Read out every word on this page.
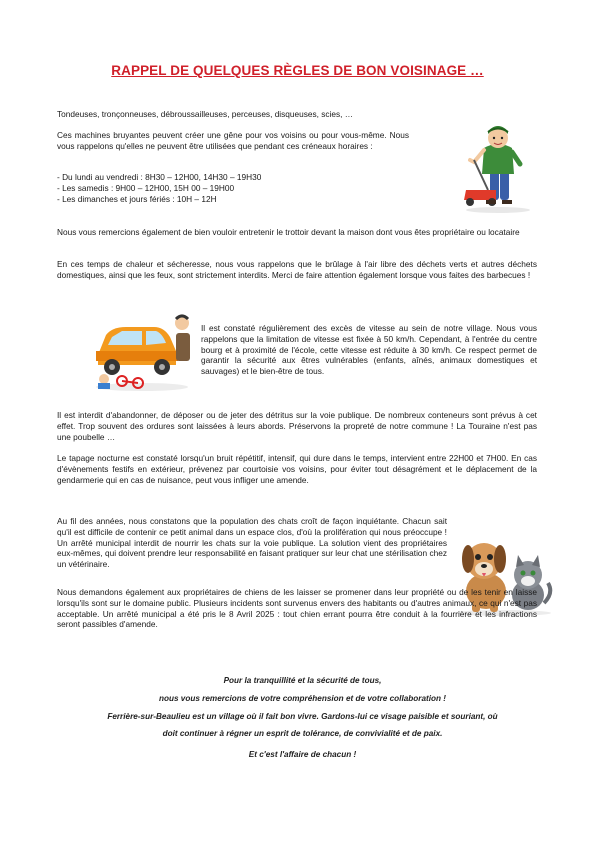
RAPPEL DE QUELQUES RÈGLES DE BON VOISINAGE …

Tondeuses, tronçonneuses, débroussailleuses, perceuses, disqueuses, scies, …

Ces machines bruyantes peuvent créer une gêne pour vos voisins ou pour vous-même. Nous vous rappelons qu'elles ne peuvent être utilisées que pendant ces créneaux horaires :

- Du lundi au vendredi : 8H30 – 12H00, 14H30 – 19H30
- Les samedis : 9H00 – 12H00, 15H 00 – 19H00
- Les dimanches et jours fériés : 10H – 12H

Nous vous remercions également de bien vouloir entretenir le trottoir devant la maison dont vous êtes propriétaire ou locataire

En ces temps de chaleur et sécheresse, nous vous rappelons que le brûlage à l'air libre des déchets verts et autres déchets domestiques, ainsi que les feux, sont strictement interdits. Merci de faire attention également lorsque vous faites des barbecues !

Il est constaté régulièrement des excès de vitesse au sein de notre village. Nous vous rappelons que la limitation de vitesse est fixée à 50 km/h. Cependant, à l'entrée du centre bourg et à proximité de l'école, cette vitesse est réduite à 30 km/h. Ce respect permet de garantir la sécurité aux êtres vulnérables (enfants, aînés, animaux domestiques et sauvages) et le bien-être de tous.

Il est interdit d'abandonner, de déposer ou de jeter des détritus sur la voie publique. De nombreux conteneurs sont prévus à cet effet. Trop souvent des ordures sont laissées à leurs abords. Préservons la propreté de notre commune ! La Touraine n'est pas une poubelle …

Le tapage nocturne est constaté lorsqu'un bruit répétitif, intensif, qui dure dans le temps, intervient entre 22H00 et 7H00. En cas d'évènements festifs en extérieur, prévenez par courtoisie vos voisins, pour éviter tout désagrément et le déplacement de la gendarmerie qui en cas de nuisance, peut vous infliger une amende.

Au fil des années, nous constatons que la population des chats croît de façon inquiétante. Chacun sait qu'il est difficile de contenir ce petit animal dans un espace clos, d'où la prolifération qui nous préoccupe ! Un arrêté municipal interdit de nourrir les chats sur la voie publique. La solution vient des propriétaires eux-mêmes, qui doivent prendre leur responsabilité en faisant pratiquer sur leur chat une stérilisation chez un vétérinaire.

Nous demandons également aux propriétaires de chiens de les laisser se promener dans leur propriété ou de les tenir en laisse lorsqu'ils sont sur le domaine public. Plusieurs incidents sont survenus envers des habitants ou d'autres animaux, ce qui n'est pas acceptable. Un arrêté municipal a été pris le 8 Avril 2025 : tout chien errant pourra être conduit à la fourrière et les infractions seront passibles d'amende.

Pour la tranquillité et la sécurité de tous,
nous vous remercions de votre compréhension et de votre collaboration !
Ferrière-sur-Beaulieu est un village où il fait bon vivre. Gardons-lui ce visage paisible et souriant, où
doit continuer à régner un esprit de tolérance, de convivialité et de paix.
Et c'est l'affaire de chacun !
